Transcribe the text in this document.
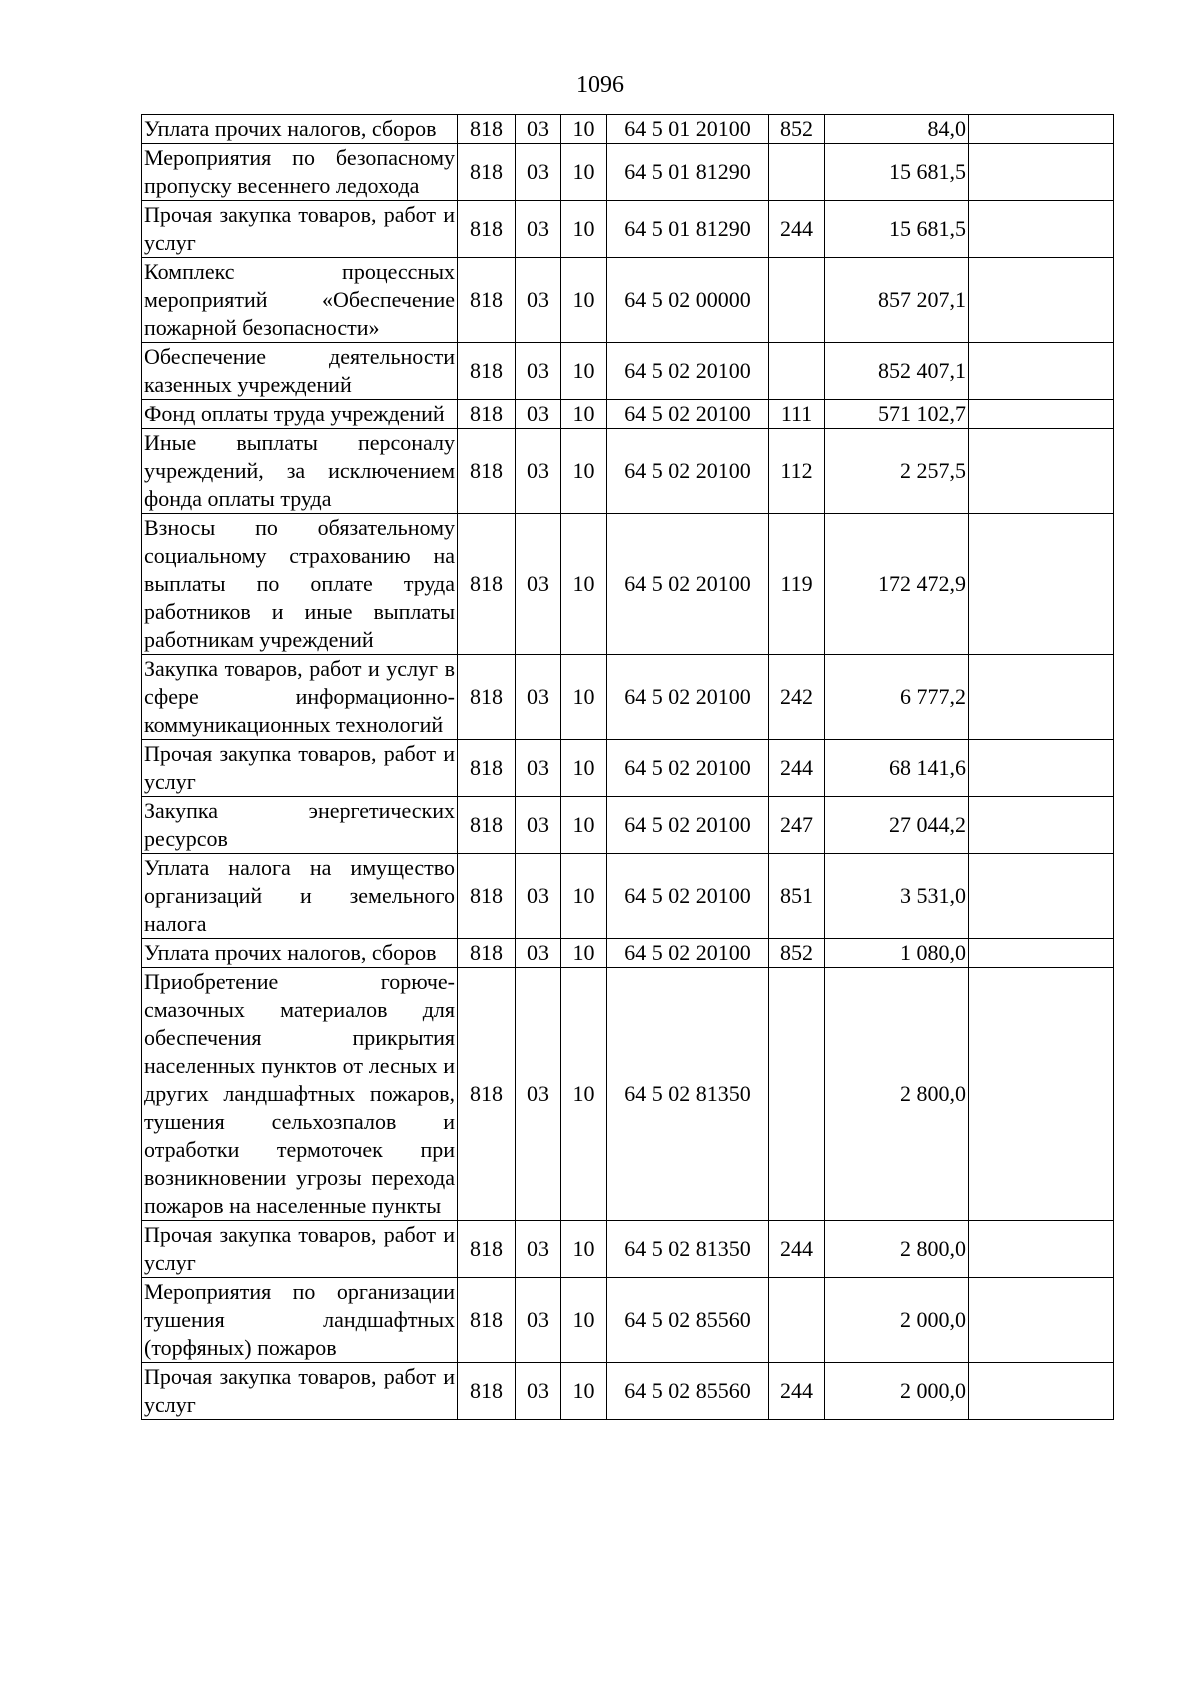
1096
Уплата прочих налогов, сборов	818	03	10	64 5 01 20100	852	84,0	
Мероприятия по безопасному пропуску весеннего ледохода	818	03	10	64 5 01 81290		15 681,5	
Прочая закупка товаров, работ и услуг	818	03	10	64 5 01 81290	244	15 681,5	
Комплекс процессных мероприятий «Обеспечение пожарной безопасности»	818	03	10	64 5 02 00000		857 207,1	
Обеспечение деятельности казенных учреждений	818	03	10	64 5 02 20100		852 407,1	
Фонд оплаты труда учреждений	818	03	10	64 5 02 20100	111	571 102,7	
Иные выплаты персоналу учреждений, за исключением фонда оплаты труда	818	03	10	64 5 02 20100	112	2 257,5	
Взносы по обязательному социальному страхованию на выплаты по оплате труда работников и иные выплаты работникам учреждений	818	03	10	64 5 02 20100	119	172 472,9	
Закупка товаров, работ и услуг в сфере информационно-коммуникационных технологий	818	03	10	64 5 02 20100	242	6 777,2	
Прочая закупка товаров, работ и услуг	818	03	10	64 5 02 20100	244	68 141,6	
Закупка энергетических ресурсов	818	03	10	64 5 02 20100	247	27 044,2	
Уплата налога на имущество организаций и земельного налога	818	03	10	64 5 02 20100	851	3 531,0	
Уплата прочих налогов, сборов	818	03	10	64 5 02 20100	852	1 080,0	
Приобретение горюче-смазочных материалов для обеспечения прикрытия населенных пунктов от лесных и других ландшафтных пожаров, тушения сельхозпалов и отработки термоточек при возникновении угрозы перехода пожаров на населенные пункты	818	03	10	64 5 02 81350		2 800,0	
Прочая закупка товаров, работ и услуг	818	03	10	64 5 02 81350	244	2 800,0	
Мероприятия по организации тушения ландшафтных (торфяных) пожаров	818	03	10	64 5 02 85560		2 000,0	
Прочая закупка товаров, работ и услуг	818	03	10	64 5 02 85560	244	2 000,0	
